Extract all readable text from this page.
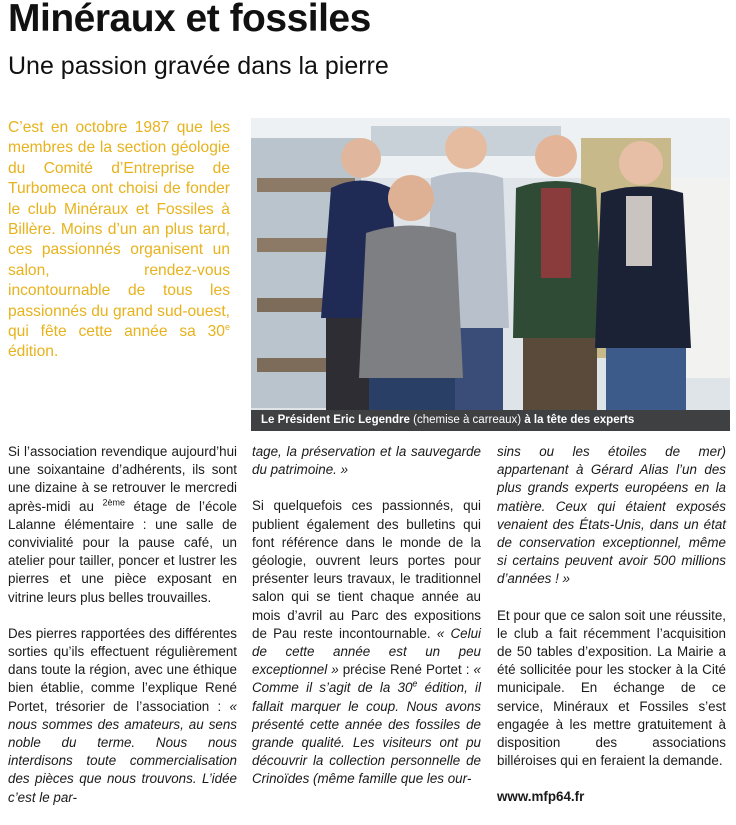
Minéraux et fossiles
Une passion gravée dans la pierre

C’est en octobre 1987 que les membres de la section géologie du Comité d’Entreprise de Turbomeca ont choisi de fonder le club Minéraux et Fossiles à Billère. Moins d’un an plus tard, ces passionnés organisent un salon, rendez-vous incontournable de tous les passionnés du grand sud-ouest, qui fête cette année sa 30e édition.

Le Président Eric Legendre (chemise à carreaux) à la tête des experts

Si l’association revendique aujourd’hui une soixantaine d’adhérents, ils sont une dizaine à se retrouver le mercredi après-midi au $^{2ème}$ étage de l’école Lalanne élémentaire : une salle de convivialité pour la pause café, un atelier pour tailler, poncer et lustrer les pierres et une pièce exposant en vitrine leurs plus belles trouvailles.

Des pierres rapportées des différentes sorties qu’ils effectuent régulièrement dans toute la région, avec une éthique bien établie, comme l’explique René Portet, trésorier de l’association : « nous sommes des amateurs, au sens noble du terme. Nous nous interdisons toute commercialisation des pièces que nous trouvons. L’idée c’est le par-

tage, la préservation et la sauvegarde du patrimoine. »

Si quelquefois ces passionnés, qui publient également des bulletins qui font référence dans le monde de la géologie, ouvrent leurs portes pour présenter leurs travaux, le traditionnel salon qui se tient chaque année au mois d’avril au Parc des expositions de Pau reste incontournable. « Celui de cette année est un peu exceptionnel » précise René Portet : « Comme il s’agit de la 30e édition, il fallait marquer le coup. Nous avons présenté cette année des fossiles de grande qualité. Les visiteurs ont pu découvrir la collection personnelle de Crinoïdes (même famille que les our-

sins ou les étoiles de mer) appartenant à Gérard Alias l’un des plus grands experts européens en la matière. Ceux qui étaient exposés venaient des États-Unis, dans un état de conservation exceptionnel, même si certains peuvent avoir 500 millions d’années ! »

Et pour que ce salon soit une réussite, le club a fait récemment l’acquisition de 50 tables d’exposition. La Mairie a été sollicitée pour les stocker à la Cité municipale. En échange de ce service, Minéraux et Fossiles s’est engagée à les mettre gratuitement à disposition des associations billéroises qui en feraient la demande.

www.mfp64.fr
